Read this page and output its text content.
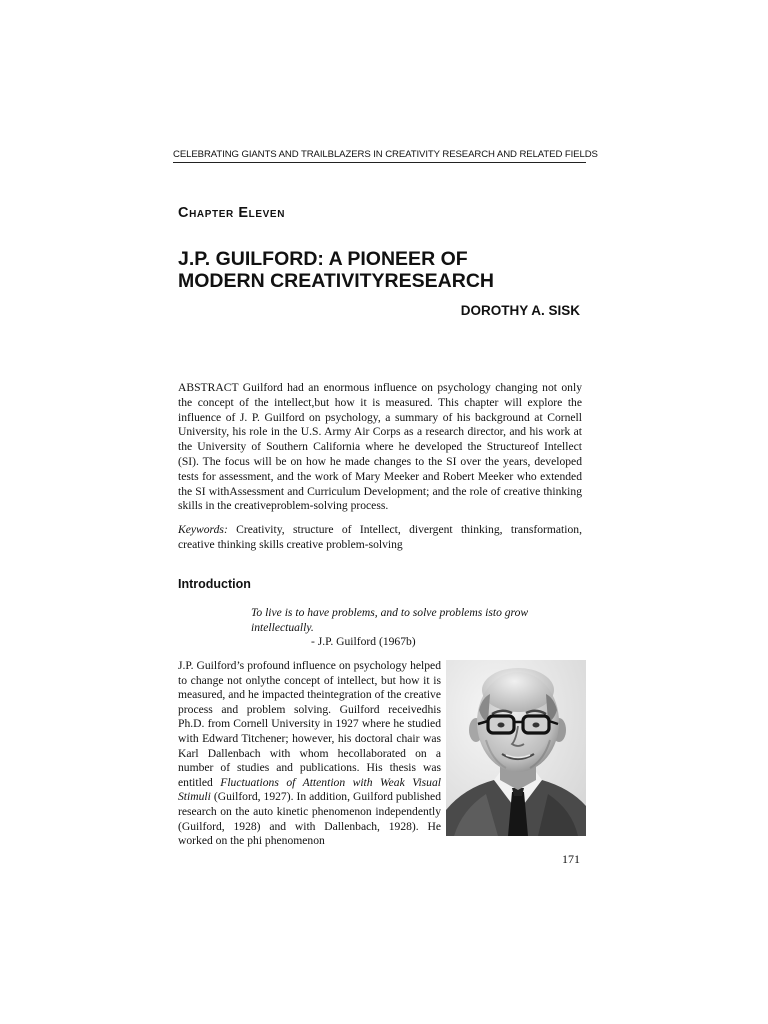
CELEBRATING GIANTS AND TRAILBLAZERS IN CREATIVITY RESEARCH AND RELATED FIELDS
Chapter Eleven
J.P. GUILFORD: A PIONEER OF
MODERN CREATIVITYRESEARCH
DOROTHY A. SISK

ABSTRACT Guilford had an enormous influence on psychology changing not only the concept of the intellect,but how it is measured. This chapter will explore the influence of J. P. Guilford on psychology, a summary of his background at Cornell University, his role in the U.S. Army Air Corps as a research director, and his work at the University of Southern California where he developed the Structureof Intellect (SI). The focus will be on how he made changes to the SI over the years, developed tests for assessment, and the work of Mary Meeker and Robert Meeker who extended the SI withAssessment and Curriculum Development; and the role of creative thinking skills in the creativeproblem-solving process.

Keywords: Creativity, structure of Intellect, divergent thinking, transformation, creative thinking skills creative problem-solving

Introduction
To live is to have problems, and to solve problems isto grow intellectually.
- J.P. Guilford (1967b)

J.P. Guilford’s profound influence on psychology helped to change not onlythe concept of intellect, but how it is measured, and he impacted theintegration of the creative process and problem solving. Guilford receivedhis Ph.D. from Cornell University in 1927 where he studied with Edward Titchener; however, his doctoral chair was Karl Dallenbach with whom hecollaborated on a number of studies and publications. His thesis was entitled Fluctuations of Attention with Weak Visual Stimuli (Guilford, 1927). In addition, Guilford published research on the auto kinetic phenomenon independently (Guilford, 1928) and with Dallenbach, 1928). He worked on the phi phenomenon

171
